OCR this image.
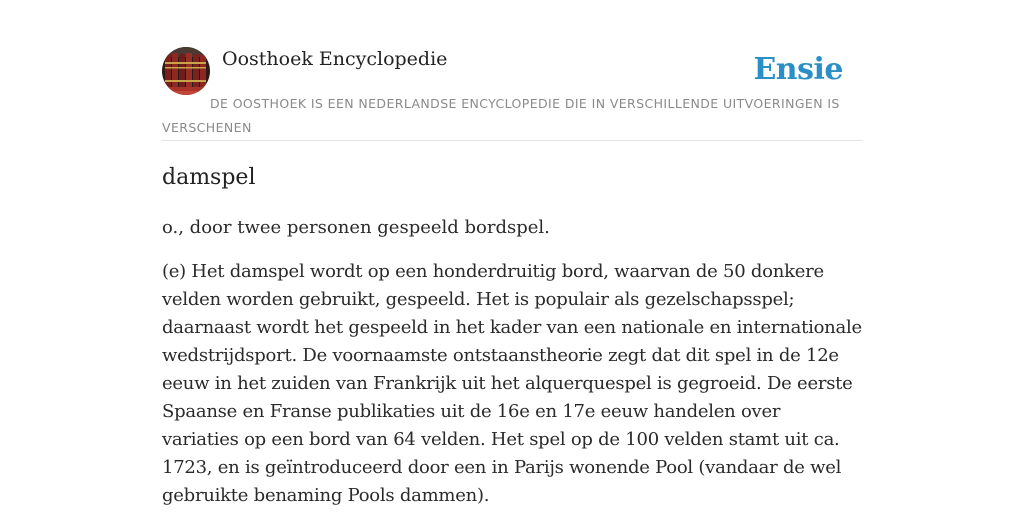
Oosthoek Encyclopedie	Ensie
DE OOSTHOEK IS EEN NEDERLANDSE ENCYCLOPEDIE DIE IN VERSCHILLENDE UITVOERINGEN IS VERSCHENEN
damspel

o., door twee personen gespeeld bordspel.

(e) Het damspel wordt op een honderdruitig bord, waarvan de 50 donkere velden worden gebruikt, gespeeld. Het is populair als gezelschapsspel; daarnaast wordt het gespeeld in het kader van een nationale en internationale wedstrijdsport. De voornaamste ontstaanstheorie zegt dat dit spel in de 12e eeuw in het zuiden van Frankrijk uit het alquerquespel is gegroeid. De eerste Spaanse en Franse publikaties uit de 16e en 17e eeuw handelen over variaties op een bord van 64 velden. Het spel op de 100 velden stamt uit ca. 1723, en is geïntroduceerd door een in Parijs wonende Pool (vandaar de wel gebruikte benaming Pools dammen).
